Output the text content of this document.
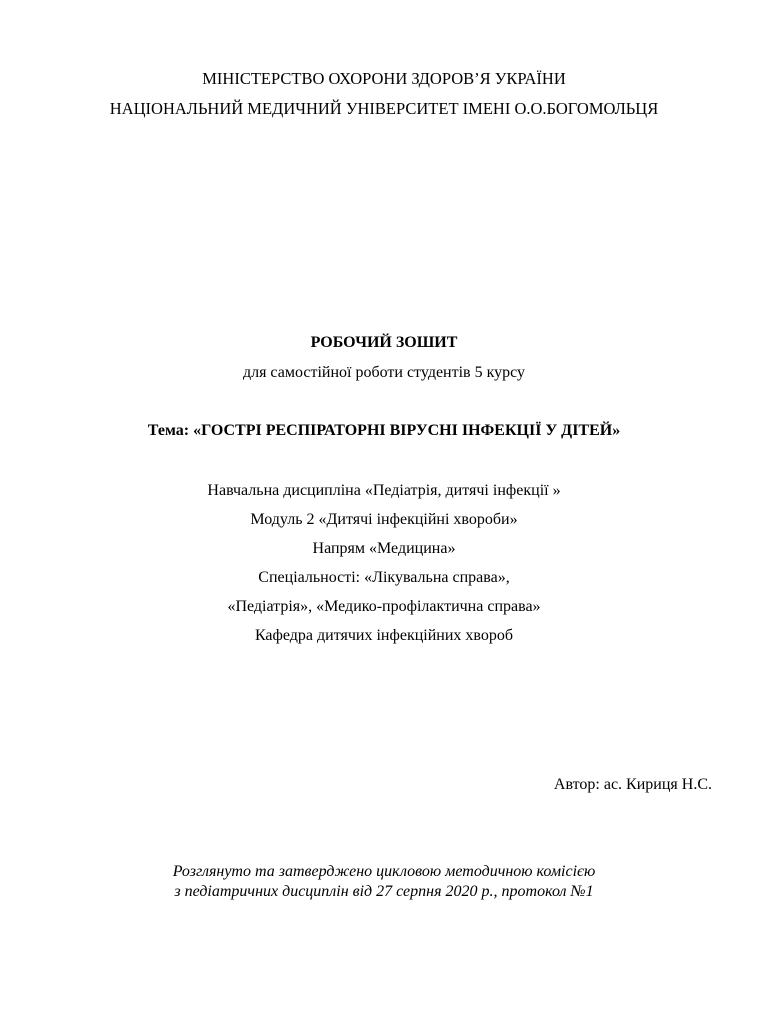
МІНІСТЕРСТВО ОХОРОНИ ЗДОРОВ’Я УКРАЇНИ
НАЦІОНАЛЬНИЙ МЕДИЧНИЙ УНІВЕРСИТЕТ ІМЕНІ О.О.БОГОМОЛЬЦЯ
РОБОЧИЙ ЗОШИТ
для самостійної роботи студентів 5 курсу
Тема: «ГОСТРІ РЕСПІРАТОРНІ ВІРУСНІ ІНФЕКЦІЇ У ДІТЕЙ»
Навчальна дисципліна «Педіатрія, дитячі інфекції »
Модуль 2 «Дитячі інфекційні хвороби»
Напрям «Медицина»
Спеціальності: «Лікувальна справа»,
«Педіатрія», «Медико-профілактична справа»
Кафедра дитячих інфекційних хвороб
Автор: ас. Кириця Н.С.
Розглянуто та затверджено цикловою методичною комісією
з педіатричних дисциплін від 27 серпня 2020 р., протокол №1
